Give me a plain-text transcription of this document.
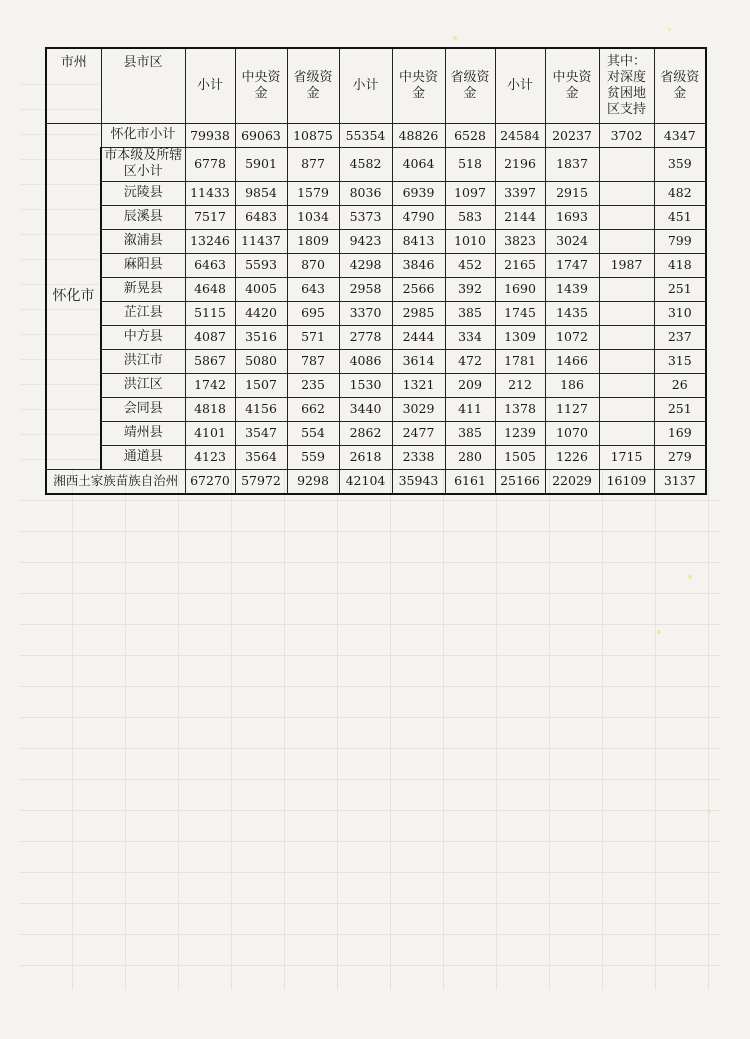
市州	县市区	小计	中央资金	省级资金	小计	中央资金	省级资金	小计	中央资金	其中：对深度贫困地区支持	省级资金
怀化市	怀化市小计	79938	69063	10875	55354	48826	6528	24584	20237	3702	4347
	市本级及所辖区小计	6778	5901	877	4582	4064	518	2196	1837		359
	沅陵县	11433	9854	1579	8036	6939	1097	3397	2915		482
	辰溪县	7517	6483	1034	5373	4790	583	2144	1693		451
	溆浦县	13246	11437	1809	9423	8413	1010	3823	3024		799
	麻阳县	6463	5593	870	4298	3846	452	2165	1747	1987	418
	新晃县	4648	4005	643	2958	2566	392	1690	1439		251
	芷江县	5115	4420	695	3370	2985	385	1745	1435		310
	中方县	4087	3516	571	2778	2444	334	1309	1072		237
	洪江市	5867	5080	787	4086	3614	472	1781	1466		315
	洪江区	1742	1507	235	1530	1321	209	212	186		26
	会同县	4818	4156	662	3440	3029	411	1378	1127		251
	靖州县	4101	3547	554	2862	2477	385	1239	1070		169
	通道县	4123	3564	559	2618	2338	280	1505	1226	1715	279
湘西土家族苗族自治州		67270	57972	9298	42104	35943	6161	25166	22029	16109	3137
